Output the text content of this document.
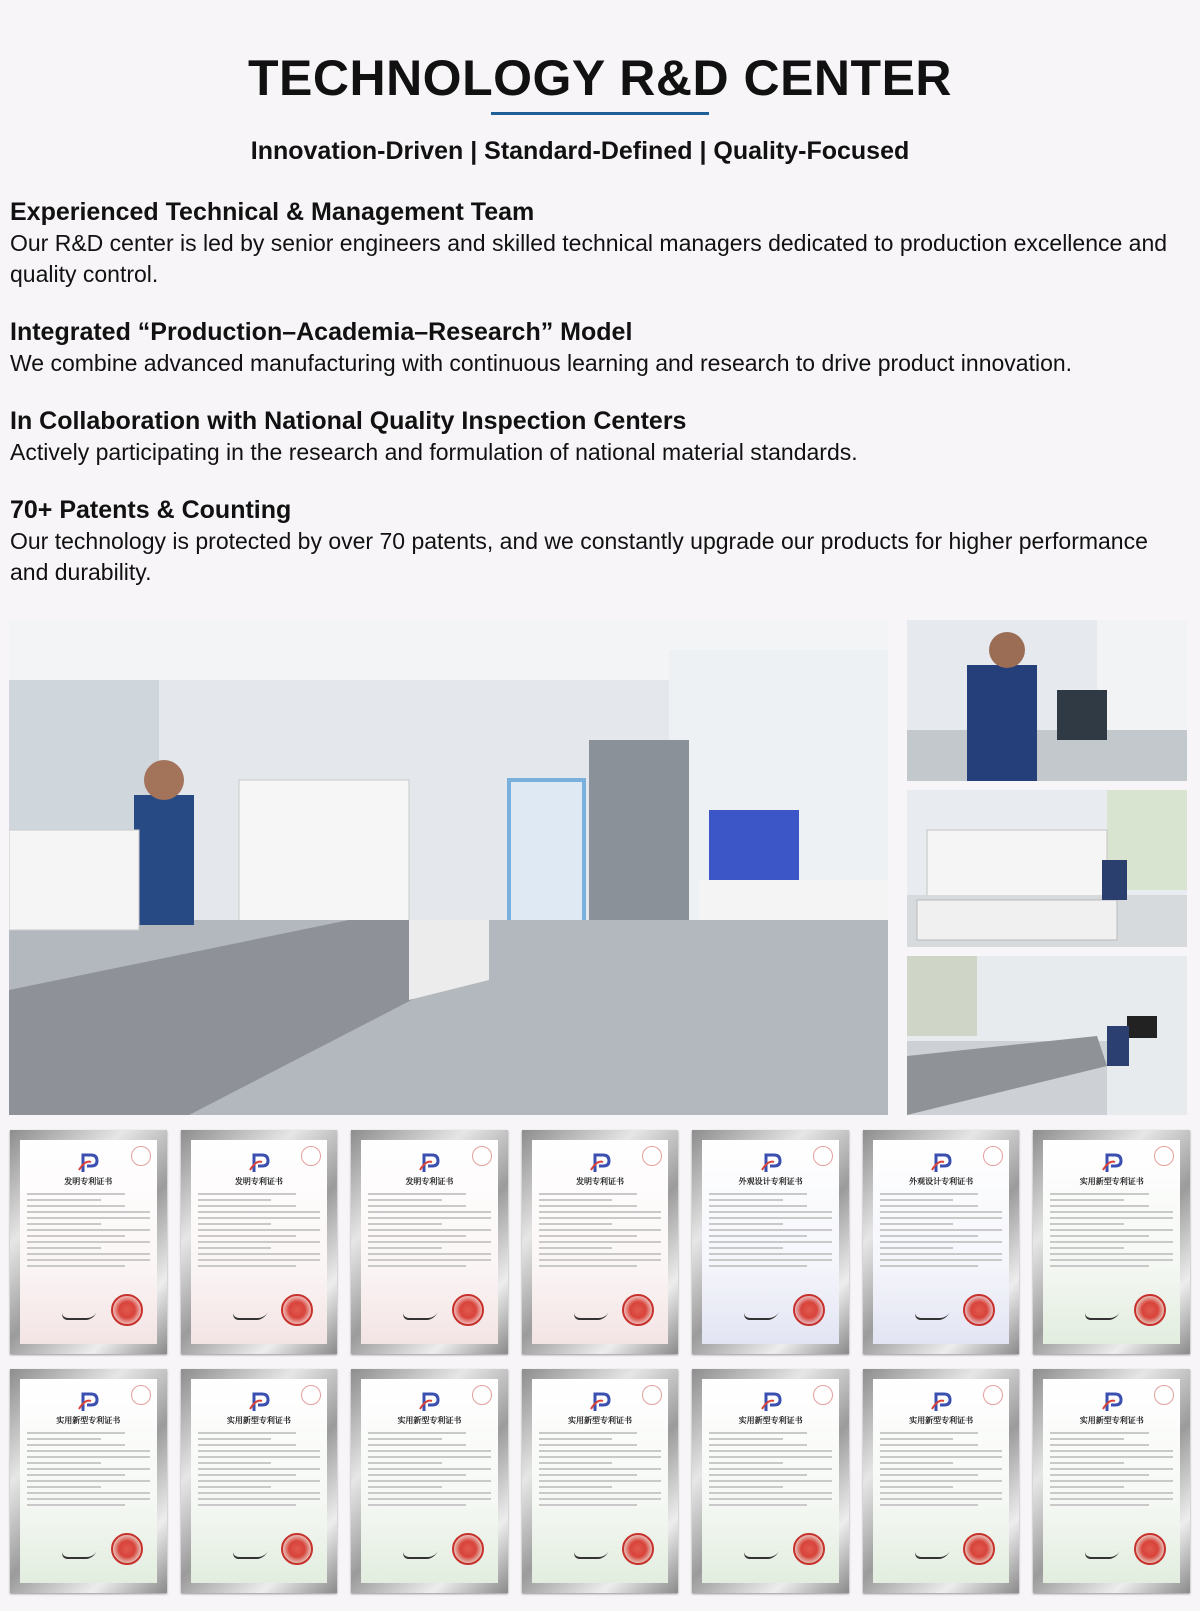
TECHNOLOGY R&D CENTER
Innovation-Driven | Standard-Defined | Quality-Focused
Experienced Technical & Management Team

Our R&D center is led by senior engineers and skilled technical managers dedicated to production excellence and quality control.

Integrated “Production–Academia–Research” Model

We combine advanced manufacturing with continuous learning and research to drive product innovation.

In Collaboration with National Quality Inspection Centers

Actively participating in the research and formulation of national material standards.

70+ Patents & Counting

Our technology is protected by over 70 patents, and we constantly upgrade our products for higher performance and durability.

发明专利证书	发明专利证书	发明专利证书	发明专利证书	外观设计专利证书	外观设计专利证书	实用新型专利证书
实用新型专利证书	实用新型专利证书	实用新型专利证书	实用新型专利证书	实用新型专利证书	实用新型专利证书	实用新型专利证书
